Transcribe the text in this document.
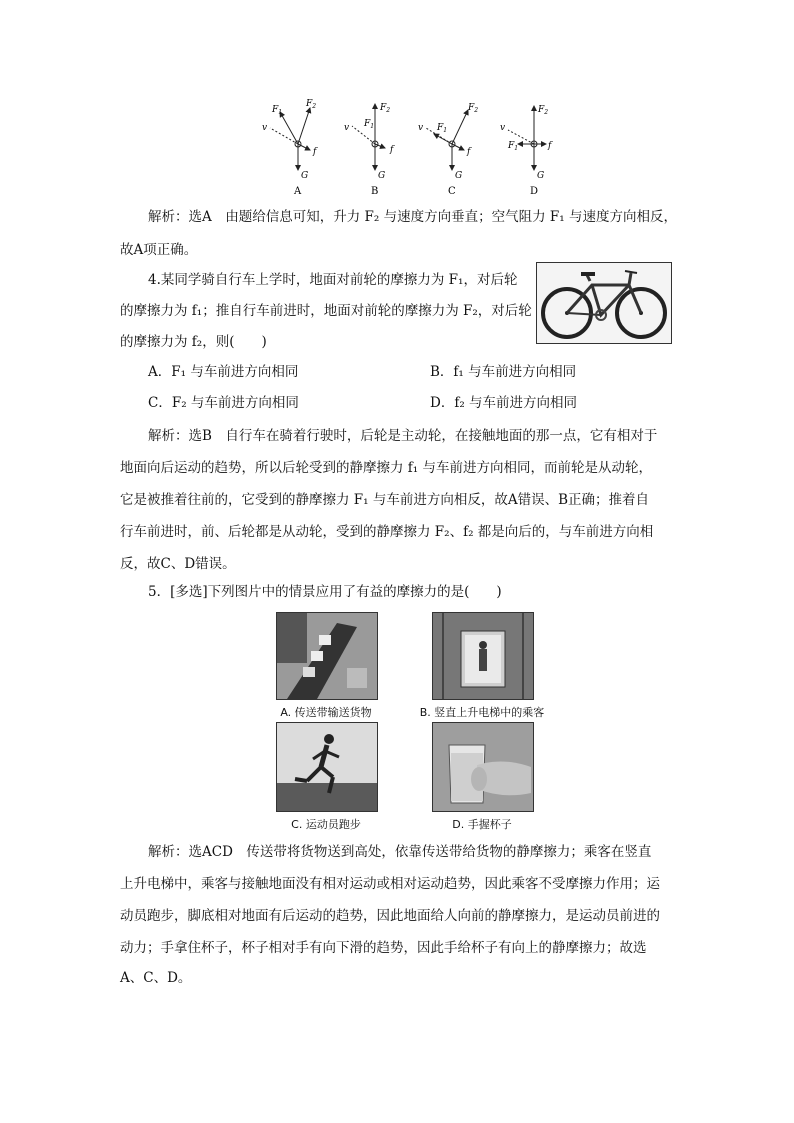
$F_1$
$F_2$
v
f
G
A
$F_1$
$F_2$
v
f
G
B
$F_1$
$F_2$
v
f
G
C
$F_1$
$F_2$
v
f
G
D
解析：选A　由题给信息可知，升力 F₂ 与速度方向垂直；空气阻力 F₁ 与速度方向相反，
故A项正确。
4.某同学骑自行车上学时，地面对前轮的摩擦力为 F₁，对后轮
的摩擦力为 f₁；推自行车前进时，地面对前轮的摩擦力为 F₂，对后轮
的摩擦力为 f₂，则(　　)
A．F₁ 与车前进方向相同	B．f₁ 与车前进方向相同
C．F₂ 与车前进方向相同	D．f₂ 与车前进方向相同
解析：选B　自行车在骑着行驶时，后轮是主动轮，在接触地面的那一点，它有相对于
地面向后运动的趋势，所以后轮受到的静摩擦力 f₁ 与车前进方向相同，而前轮是从动轮，
它是被推着往前的，它受到的静摩擦力 F₁ 与车前进方向相反，故A错误、B正确；推着自
行车前进时，前、后轮都是从动轮，受到的静摩擦力 F₂、f₂ 都是向后的，与车前进方向相
反，故C、D错误。
5．[多选]下列图片中的情景应用了有益的摩擦力的是(　　)
A. 传送带输送货物	B. 竖直上升电梯中的乘客
C. 运动员跑步	D. 手握杯子
解析：选ACD　传送带将货物送到高处，依靠传送带给货物的静摩擦力；乘客在竖直
上升电梯中，乘客与接触地面没有相对运动或相对运动趋势，因此乘客不受摩擦力作用；运
动员跑步，脚底相对地面有后运动的趋势，因此地面给人向前的静摩擦力，是运动员前进的
动力；手拿住杯子，杯子相对手有向下滑的趋势，因此手给杯子有向上的静摩擦力；故选
A、C、D。
